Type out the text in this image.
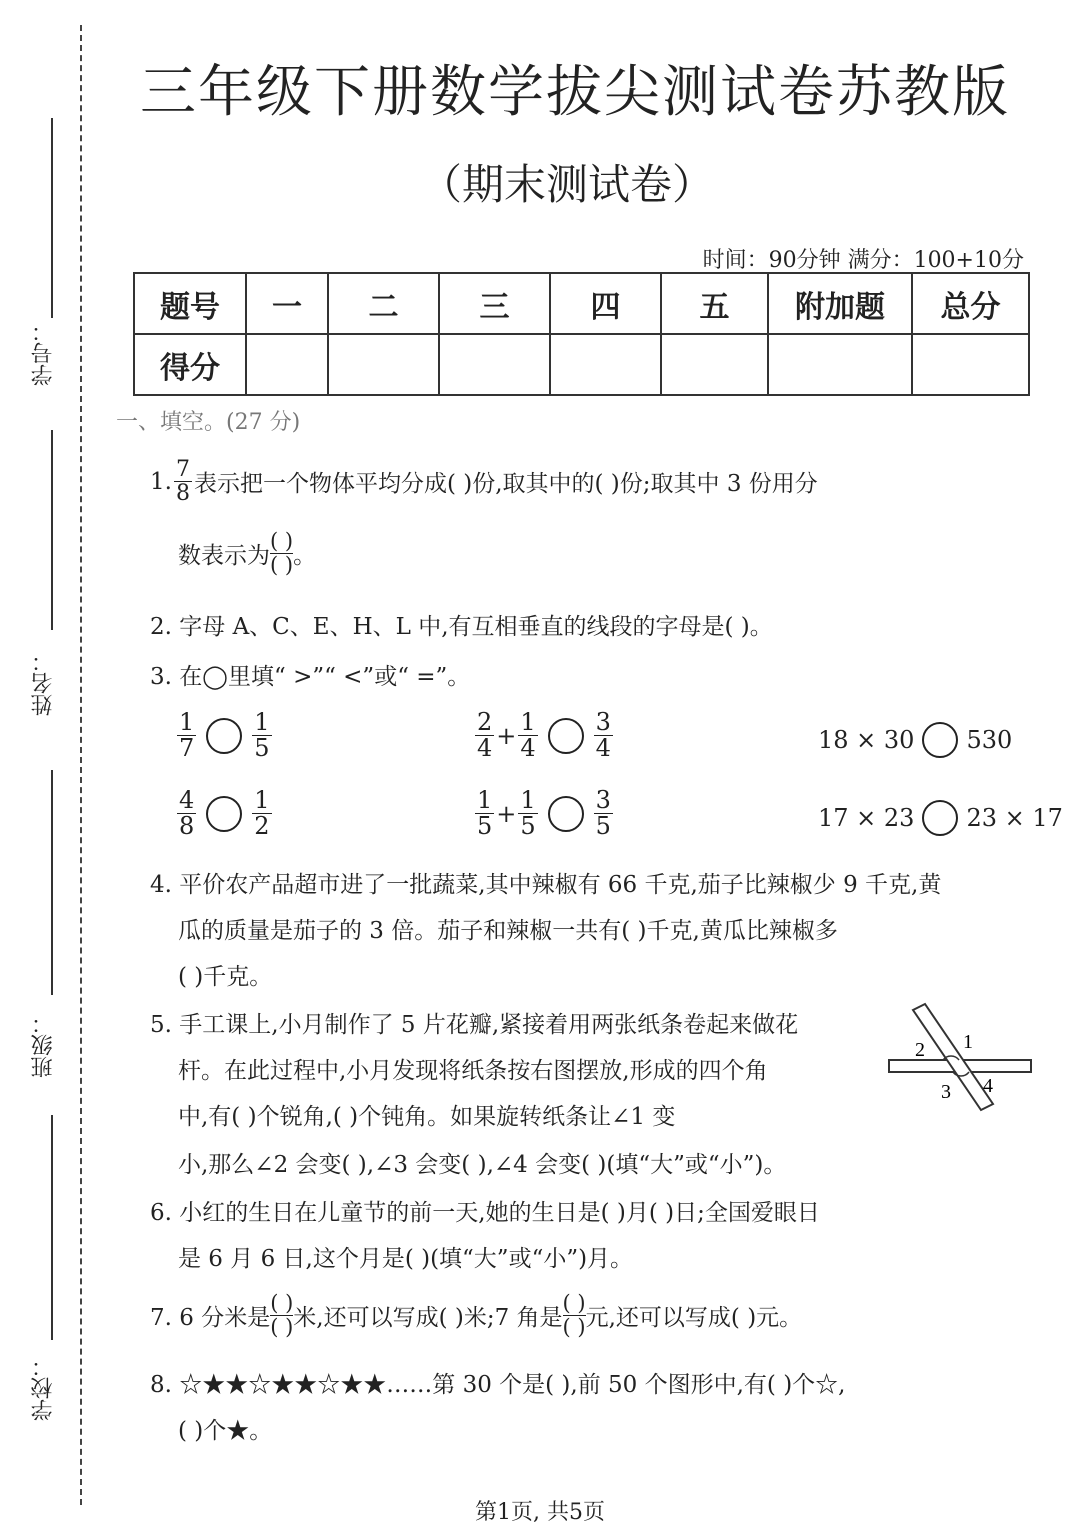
学号：
姓名：
班级：
学校：
三年级下册数学拔尖测试卷苏教版
（期末测试卷）
时间：90分钟 满分：100+10分
题号	一	二	三	四	五	附加题	总分
得分							
一、填空。(27 分)
1. $\frac{7}{8}$ 表示把一个物体平均分成( )份,取其中的( )份;取其中 3 份用分
数表示为
( )
( ) 。
2. 字母 A、C、E、H、L 中,有互相垂直的线段的字母是( )。
3. 在◯里填“ >”“ <”或“ =”。
$\frac{1}{7} \frac{1}{5}$	$\frac{2}{4} + \frac{1}{4} \frac{3}{4}$	18 × 30 530
$\frac{4}{8} \frac{1}{2}$	$\frac{1}{5} + \frac{1}{5} \frac{3}{5}$	17 × 23 23 × 17
4. 平价农产品超市进了一批蔬菜,其中辣椒有 66 千克,茄子比辣椒少 9 千克,黄
瓜的质量是茄子的 3 倍。茄子和辣椒一共有( )千克,黄瓜比辣椒多
( )千克。
5. 手工课上,小月制作了 5 片花瓣,紧接着用两张纸条卷起来做花
杆。在此过程中,小月发现将纸条按右图摆放,形成的四个角
中,有( )个锐角,( )个钝角。如果旋转纸条让∠1 变
小,那么∠2 会变( ),∠3 会变( ),∠4 会变( )(填“大”或“小”)。
1
2
3 4
6. 小红的生日在儿童节的前一天,她的生日是( )月( )日;全国爱眼日
是 6 月 6 日,这个月是( )(填“大”或“小”)月。
7. 6 分米是
( )
( ) 米,还可以写成( )米;7 角是
( )
( ) 元,还可以写成( )元。
8. ☆★★☆★★☆★★……第 30 个是( ),前 50 个图形中,有( )个☆,
( )个★。
第1页, 共5页
